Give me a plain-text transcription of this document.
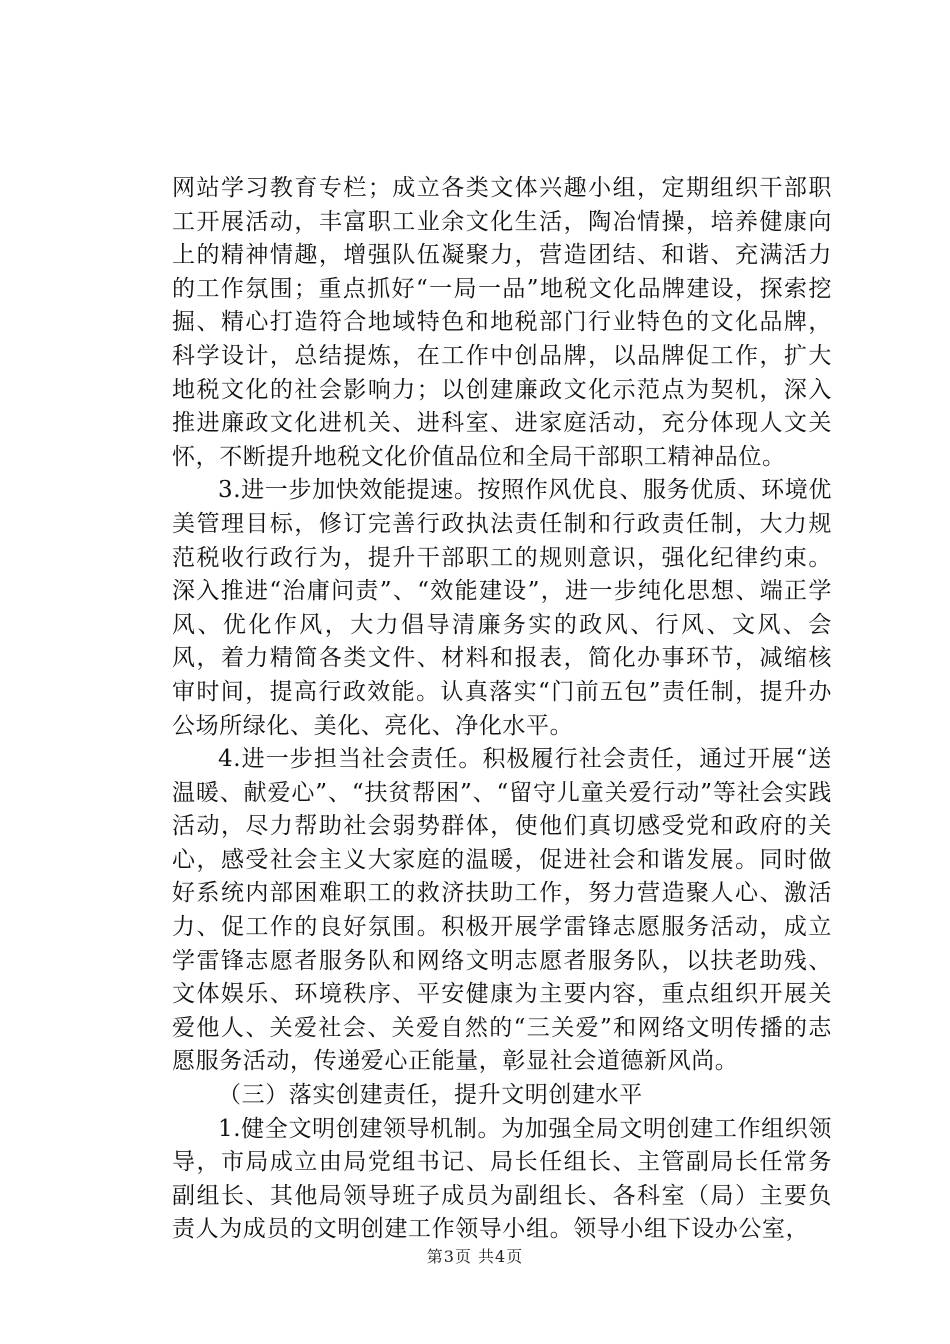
网站学习教育专栏；成立各类文体兴趣小组，定期组织干部职工开展活动，丰富职工业余文化生活，陶冶情操，培养健康向上的精神情趣，增强队伍凝聚力，营造团结、和谐、充满活力的工作氛围；重点抓好“一局一品”地税文化品牌建设，探索挖掘、精心打造符合地域特色和地税部门行业特色的文化品牌，科学设计，总结提炼，在工作中创品牌，以品牌促工作，扩大地税文化的社会影响力；以创建廉政文化示范点为契机，深入推进廉政文化进机关、进科室、进家庭活动，充分体现人文关怀，不断提升地税文化价值品位和全局干部职工精神品位。

3.进一步加快效能提速。按照作风优良、服务优质、环境优美管理目标，修订完善行政执法责任制和行政责任制，大力规范税收行政行为，提升干部职工的规则意识，强化纪律约束。深入推进“治庸问责”、“效能建设”，进一步纯化思想、端正学风、优化作风，大力倡导清廉务实的政风、行风、文风、会风，着力精简各类文件、材料和报表，简化办事环节，减缩核审时间，提高行政效能。认真落实“门前五包”责任制，提升办公场所绿化、美化、亮化、净化水平。

4.进一步担当社会责任。积极履行社会责任，通过开展“送温暖、献爱心”、“扶贫帮困”、“留守儿童关爱行动”等社会实践活动，尽力帮助社会弱势群体，使他们真切感受党和政府的关心，感受社会主义大家庭的温暖，促进社会和谐发展。同时做好系统内部困难职工的救济扶助工作，努力营造聚人心、激活力、促工作的良好氛围。积极开展学雷锋志愿服务活动，成立学雷锋志愿者服务队和网络文明志愿者服务队，以扶老助残、文体娱乐、环境秩序、平安健康为主要内容，重点组织开展关爱他人、关爱社会、关爱自然的“三关爱”和网络文明传播的志愿服务活动，传递爱心正能量，彰显社会道德新风尚。

（三）落实创建责任，提升文明创建水平

1.健全文明创建领导机制。为加强全局文明创建工作组织领导，市局成立由局党组书记、局长任组长、主管副局长任常务副组长、其他局领导班子成员为副组长、各科室（局）主要负责人为成员的文明创建工作领导小组。领导小组下设办公室，

第3页 共4页
